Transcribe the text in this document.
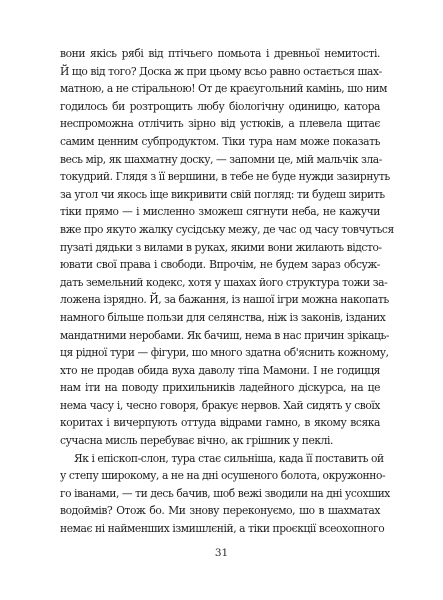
вони якісь рябі від птічьего помьота і древньої немитості.
Й що від того? Доска ж при цьому всьо равно остається шах-
матною, а не стіральною! От де краєугольний камінь, шо ним
годилось би розтрощить любу біологічну одиницю, катора
неспроможна отлічить зірно від устюків, а плевела щитає
самим ценним субпродуктом. Тіки тура нам може показать
весь мір, як шахматну доску, — запомни це, мій мальчік зла-
токудрий. Глядя з її вершини, в тебе не буде нужди зазирнуть
за угол чи якось іще викривити свій погляд: ти будеш зирить
тіки прямо — і мисленно зможеш сягнути неба, не кажучи
вже про якуто жалку сусідську межу, де час од часу товчуться
пузаті дядьки з вилами в руках, якими вони жилають відсто-
ювати свої права і свободи. Впрочім, не будем зараз обсуж-
дать земельний кодекс, хотя у шахах його структура тожи за-
ложена ізрядно. Й, за бажання, із нашої ігри можна накопать
намного більше пользи для селянства, ніж із законів, ізданих
мандатними неробами. Як бачиш, нема в нас причин зрікаць-
ця рідної тури — фігури, шо много здатна об'яснить кожному,
хто не продав обида вуха даволу тіпа Мамони. І не годицця
нам іти на поводу прихильників ладейного діскурса, на це
нема часу і, чесно говоря, бракує нервов. Хай сидять у своїх
коритах і вичерпують оттуда відрами гамно, в якому всяка
сучасна мисль перебуває вічно, ак грішник у пеклі.
Як і епіскоп-слон, тура стає сильніша, када її поставить ой
у степу широкому, а не на дні осушеного болота, окружонно-
го іванами, — ти десь бачив, шоб вежі зводили на дні усохших
водоймів? Отож бо. Ми знову переконуємо, шо в шахматах
немає ні найменших ізмишлєній, а тіки проєкції всеохопного
31
